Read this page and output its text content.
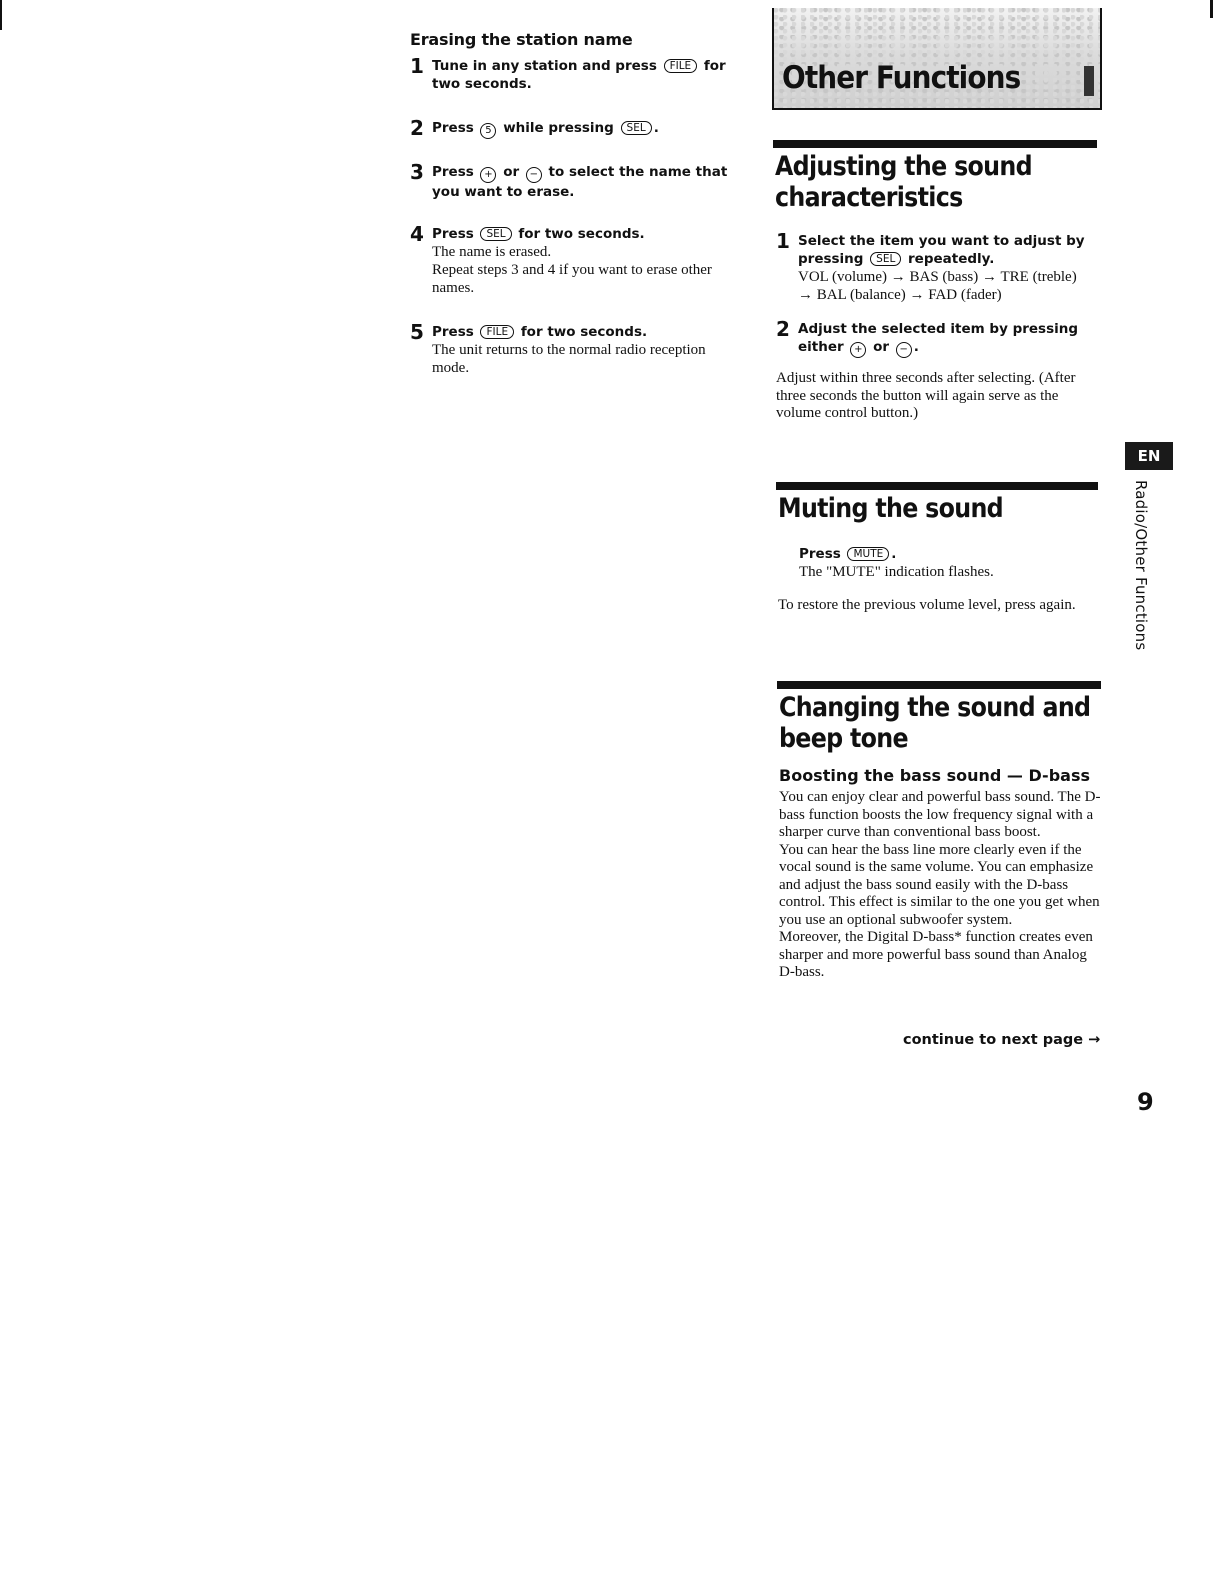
Erasing the station name
1 Tune in any station and press FILE for two seconds.
2 Press 5 while pressing SEL .
3 Press + or − to select the name that you want to erase.
4 Press SEL for two seconds.
The name is erased.
Repeat steps 3 and 4 if you want to erase other names.
5 Press FILE for two seconds.
The unit returns to the normal radio reception mode.
Other Functions
Adjusting the sound
characteristics
1 Select the item you want to adjust by pressing SEL repeatedly.
VOL (volume) → BAS (bass) → TRE (treble) → BAL (balance) → FAD (fader)
2 Adjust the selected item by pressing either + or − .
Adjust within three seconds after selecting. (After three seconds the button will again serve as the volume control button.)
Muting the sound
Press MUTE .
The "MUTE" indication flashes.
To restore the previous volume level, press again.
Changing the sound and
beep tone
Boosting the bass sound — D-bass
You can enjoy clear and powerful bass sound. The D-bass function boosts the low frequency signal with a sharper curve than conventional bass boost.
You can hear the bass line more clearly even if the vocal sound is the same volume. You can emphasize and adjust the bass sound easily with the D-bass control. This effect is similar to the one you get when you use an optional subwoofer system.
Moreover, the Digital D-bass* function creates even sharper and more powerful bass sound than Analog D-bass.
continue to next page →
EN
Radio/Other Functions
9
